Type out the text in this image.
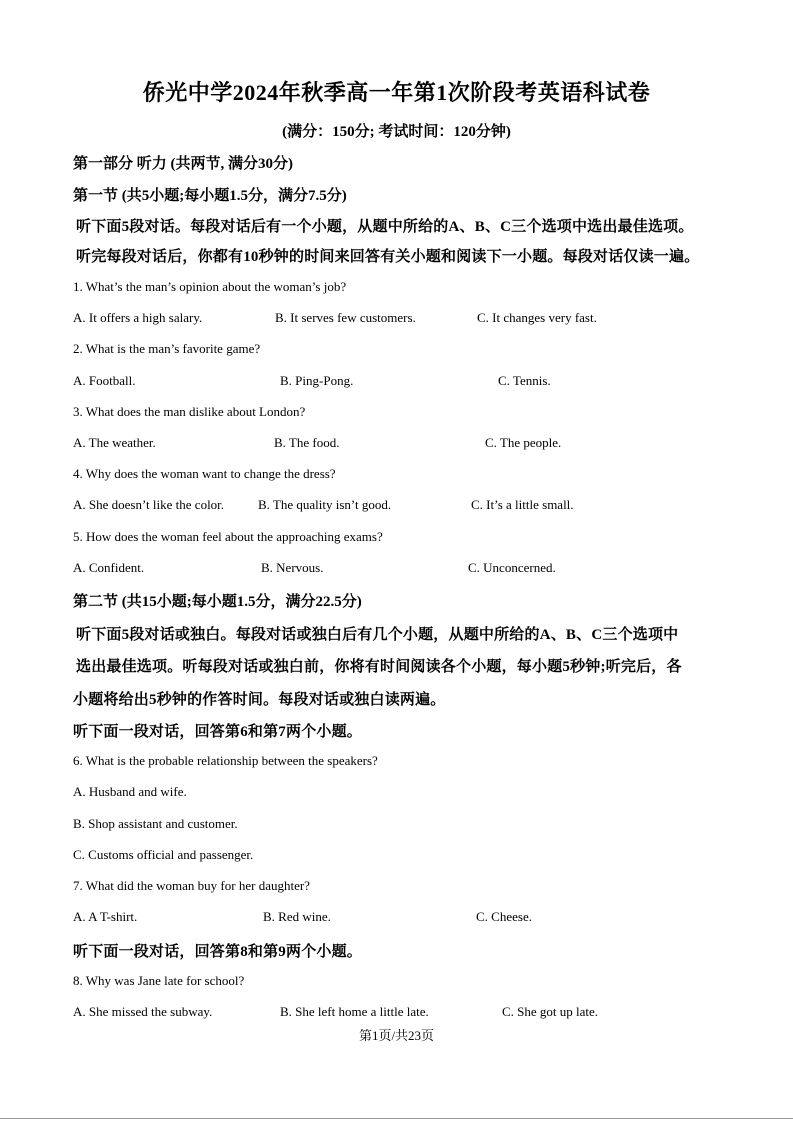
侨光中学2024年秋季高一年第1次阶段考英语科试卷
(满分：150分; 考试时间：120分钟)
第一部分 听力 (共两节, 满分30分)
第一节 (共5小题;每小题1.5分，满分7.5分)
听下面5段对话。每段对话后有一个小题，从题中所给的A、B、C三个选项中选出最佳选项。
听完每段对话后，你都有10秒钟的时间来回答有关小题和阅读下一小题。每段对话仅读一遍。
1. What’s the man’s opinion about the woman’s job?
A. It offers a high salary.	B. It serves few customers.	C. It changes very fast.
2. What is the man’s favorite game?
A. Football.	B. Ping-Pong.	C. Tennis.
3. What does the man dislike about London?
A. The weather.	B. The food.	C. The people.
4. Why does the woman want to change the dress?
A. She doesn’t like the color.	B. The quality isn’t good.	C. It’s a little small.
5. How does the woman feel about the approaching exams?
A. Confident.	B. Nervous.	C. Unconcerned.
第二节 (共15小题;每小题1.5分，满分22.5分)
听下面5段对话或独白。每段对话或独白后有几个小题，从题中所给的A、B、C三个选项中
选出最佳选项。听每段对话或独白前，你将有时间阅读各个小题，每小题5秒钟;听完后，各
小题将给出5秒钟的作答时间。每段对话或独白读两遍。
听下面一段对话，回答第6和第7两个小题。
6. What is the probable relationship between the speakers?
A. Husband and wife.
B. Shop assistant and customer.
C. Customs official and passenger.
7. What did the woman buy for her daughter?
A. A T-shirt.	B. Red wine.	C. Cheese.
听下面一段对话，回答第8和第9两个小题。
8. Why was Jane late for school?
A. She missed the subway.	B. She left home a little late.	C. She got up late.
第1页/共23页
